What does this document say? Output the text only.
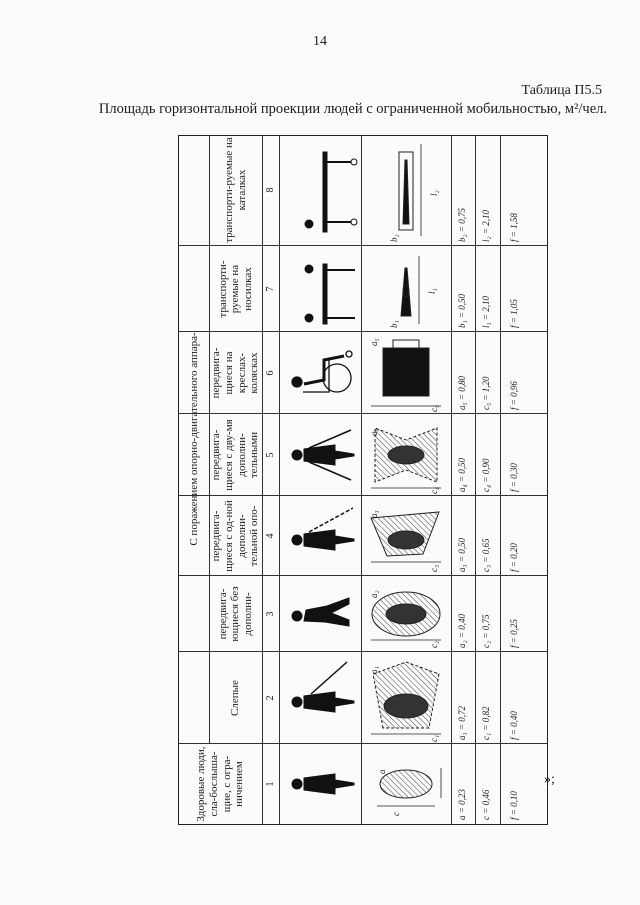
14
Таблица П5.5
Площадь горизонтальной проекции людей с ограниченной мобильностью, м²/чел.
»;
С поражением опорно-двигательного аппара-
Здоровые люди, сла-бослыша-щие, с огра-ничением
Слепые
передвига-ющиеся без дополни-
передвига-щиеся с од-ной дополни-тельной опо-
передвига-щиеся с дву-мя дополни-тельными
передвига-щиеся на креслах-колясках
транспорти-руемые на носилках
транспорти-руемые на каталках
1
2
3
4
5
6
7
8
a
c
a₁
c₁
a₂
c₂
a₃
c₃
a₄
c₄
a₅
c₅
b₁
l₁
b₂
l₂
a = 0,23 c = 0,46 f = 0,10
a₁ = 0,72 c₁ = 0,82 f = 0,40
a₂ = 0,40 c₂ = 0,75 f = 0,25
a₃ = 0,50 c₃ = 0,65 f = 0,20
a₄ = 0,50 c₄ = 0,90 f = 0,30
a₅ = 0,80 c₅ = 1,20 f = 0,96
b₁ = 0,50 l₁ = 2,10 f = 1,05
b₂ = 0,75 l₂ = 2,10 f = 1,58
